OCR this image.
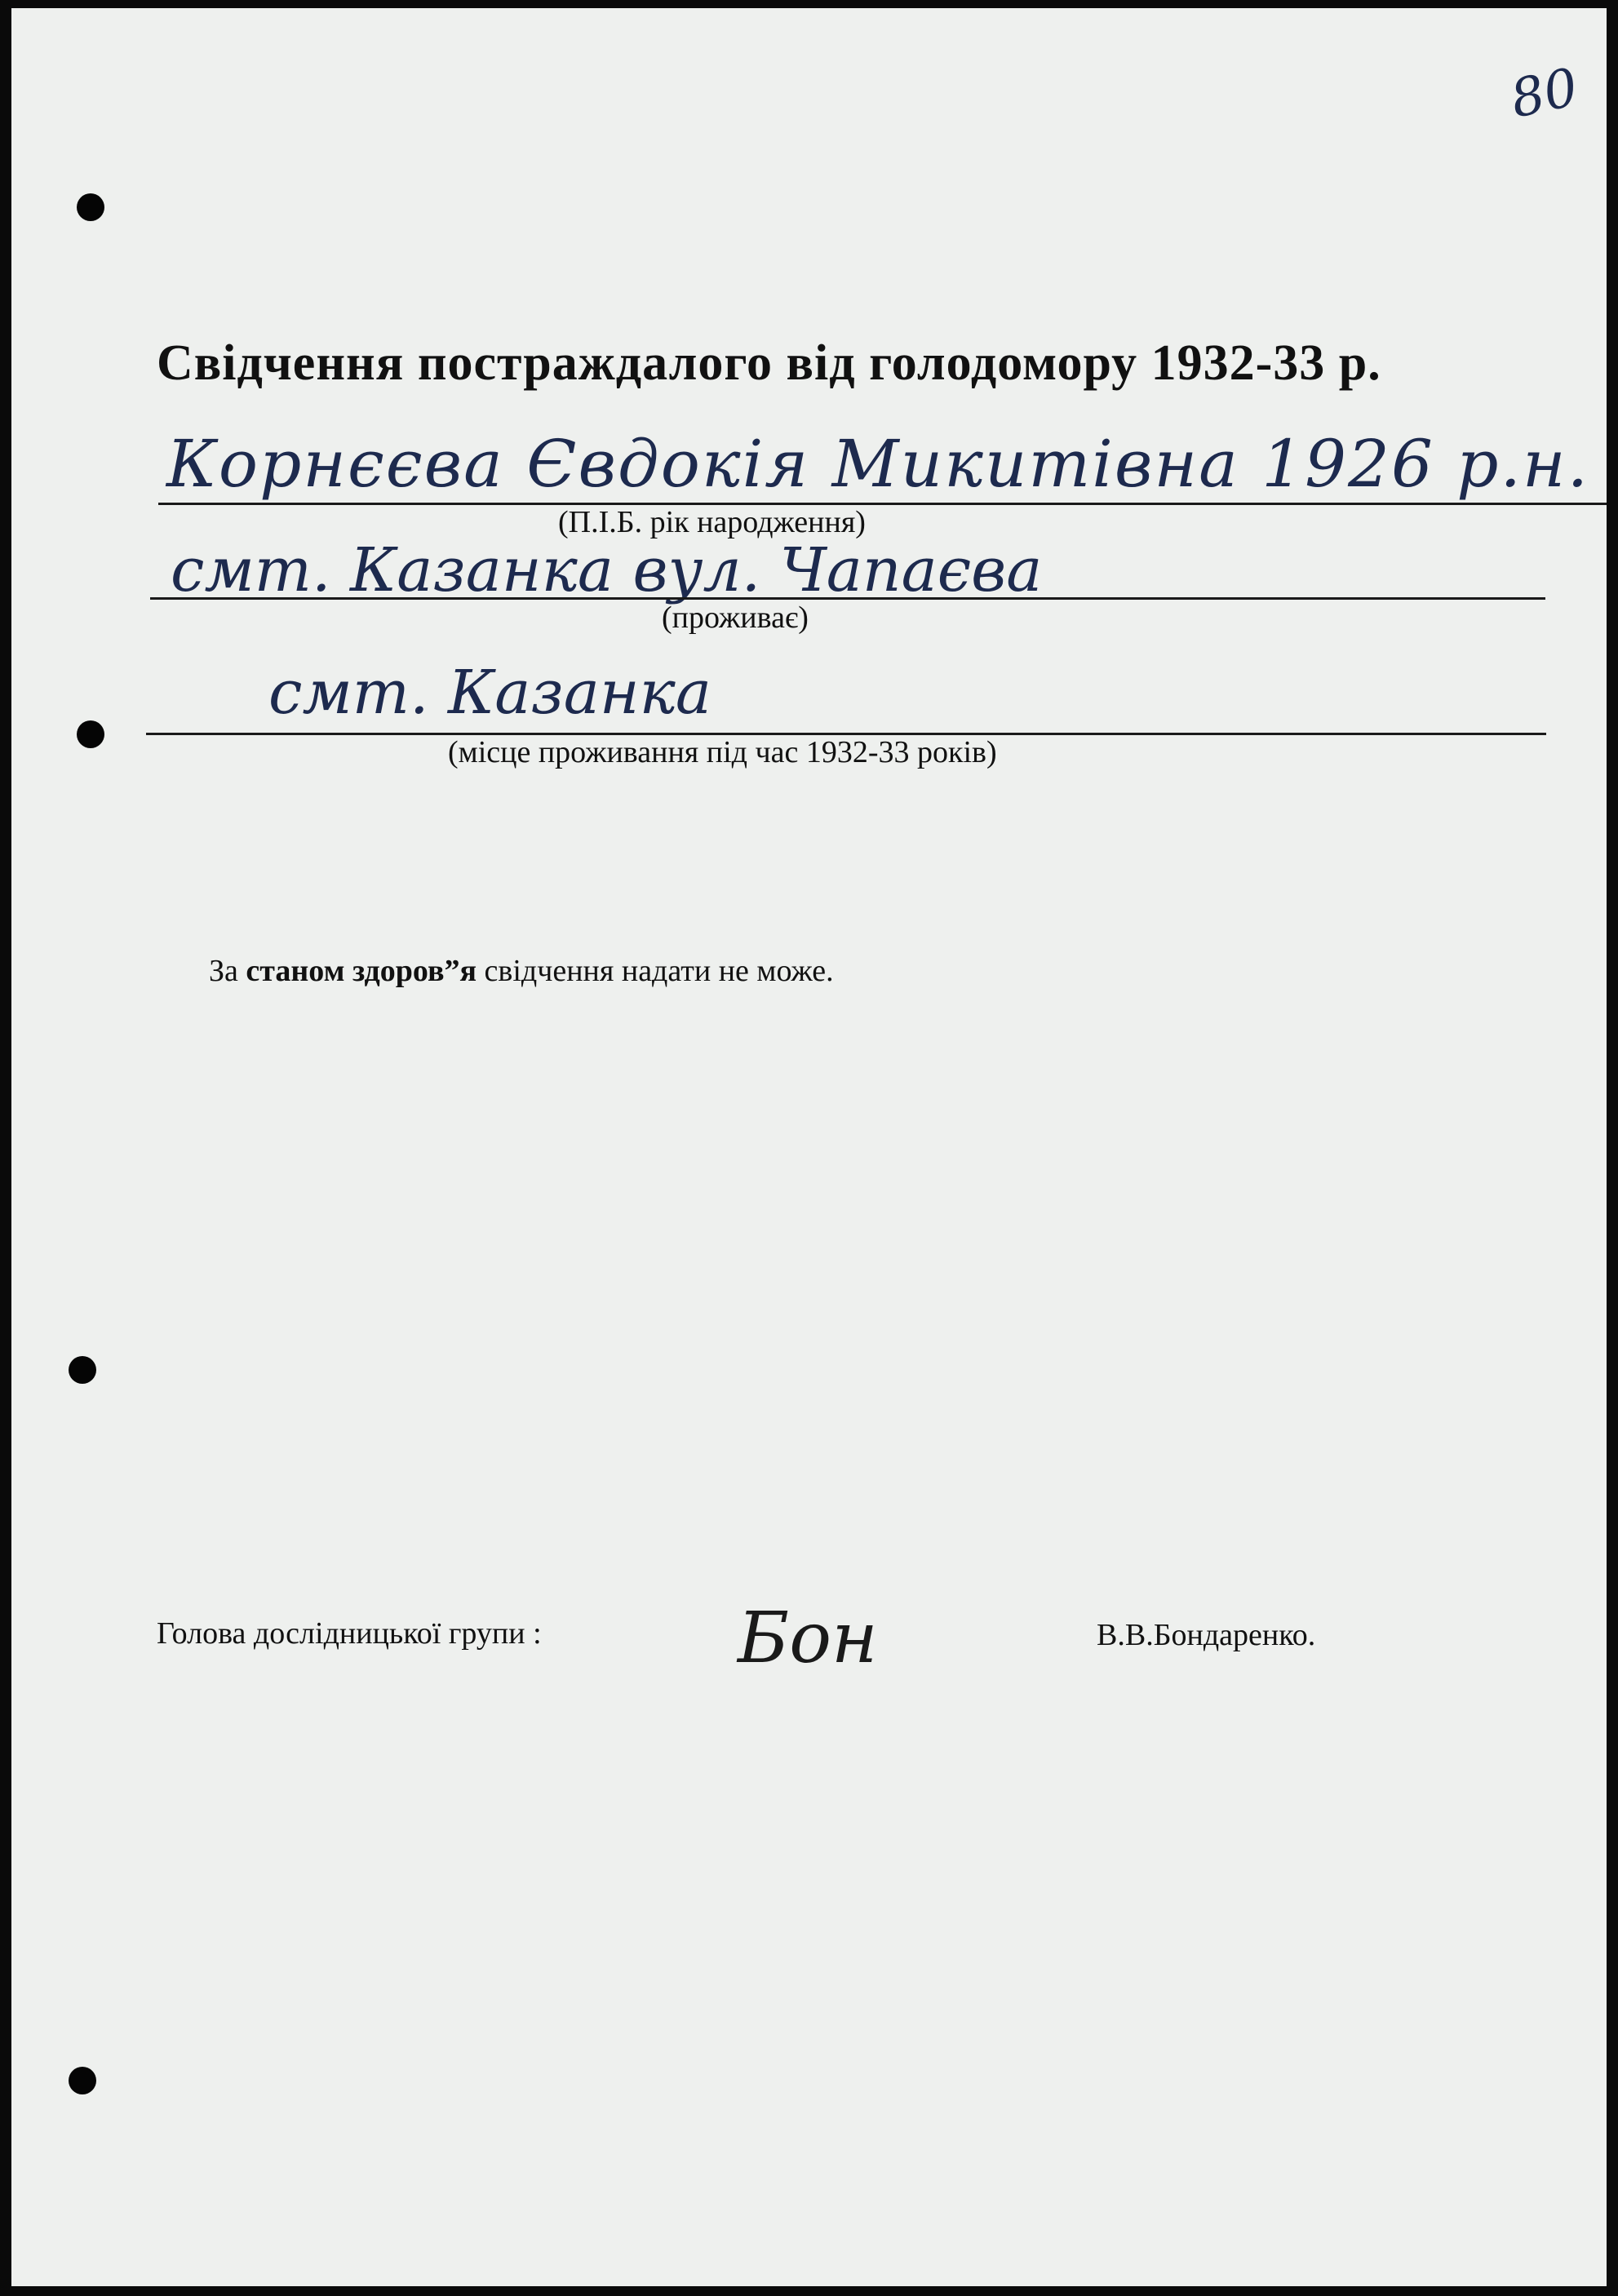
80
Свідчення постраждалого від голодомору 1932-33 р.
Корнєєва Євдокія Микитівна 1926 р.н.
(П.І.Б. рік народження)
смт. Казанка вул. Чапаєва
(проживає)
смт. Казанка
(місце проживання під час 1932-33 років)
За станом здоров”я свідчення надати не може.
Голова дослідницької групи :	Бон	В.В.Бондаренко.
